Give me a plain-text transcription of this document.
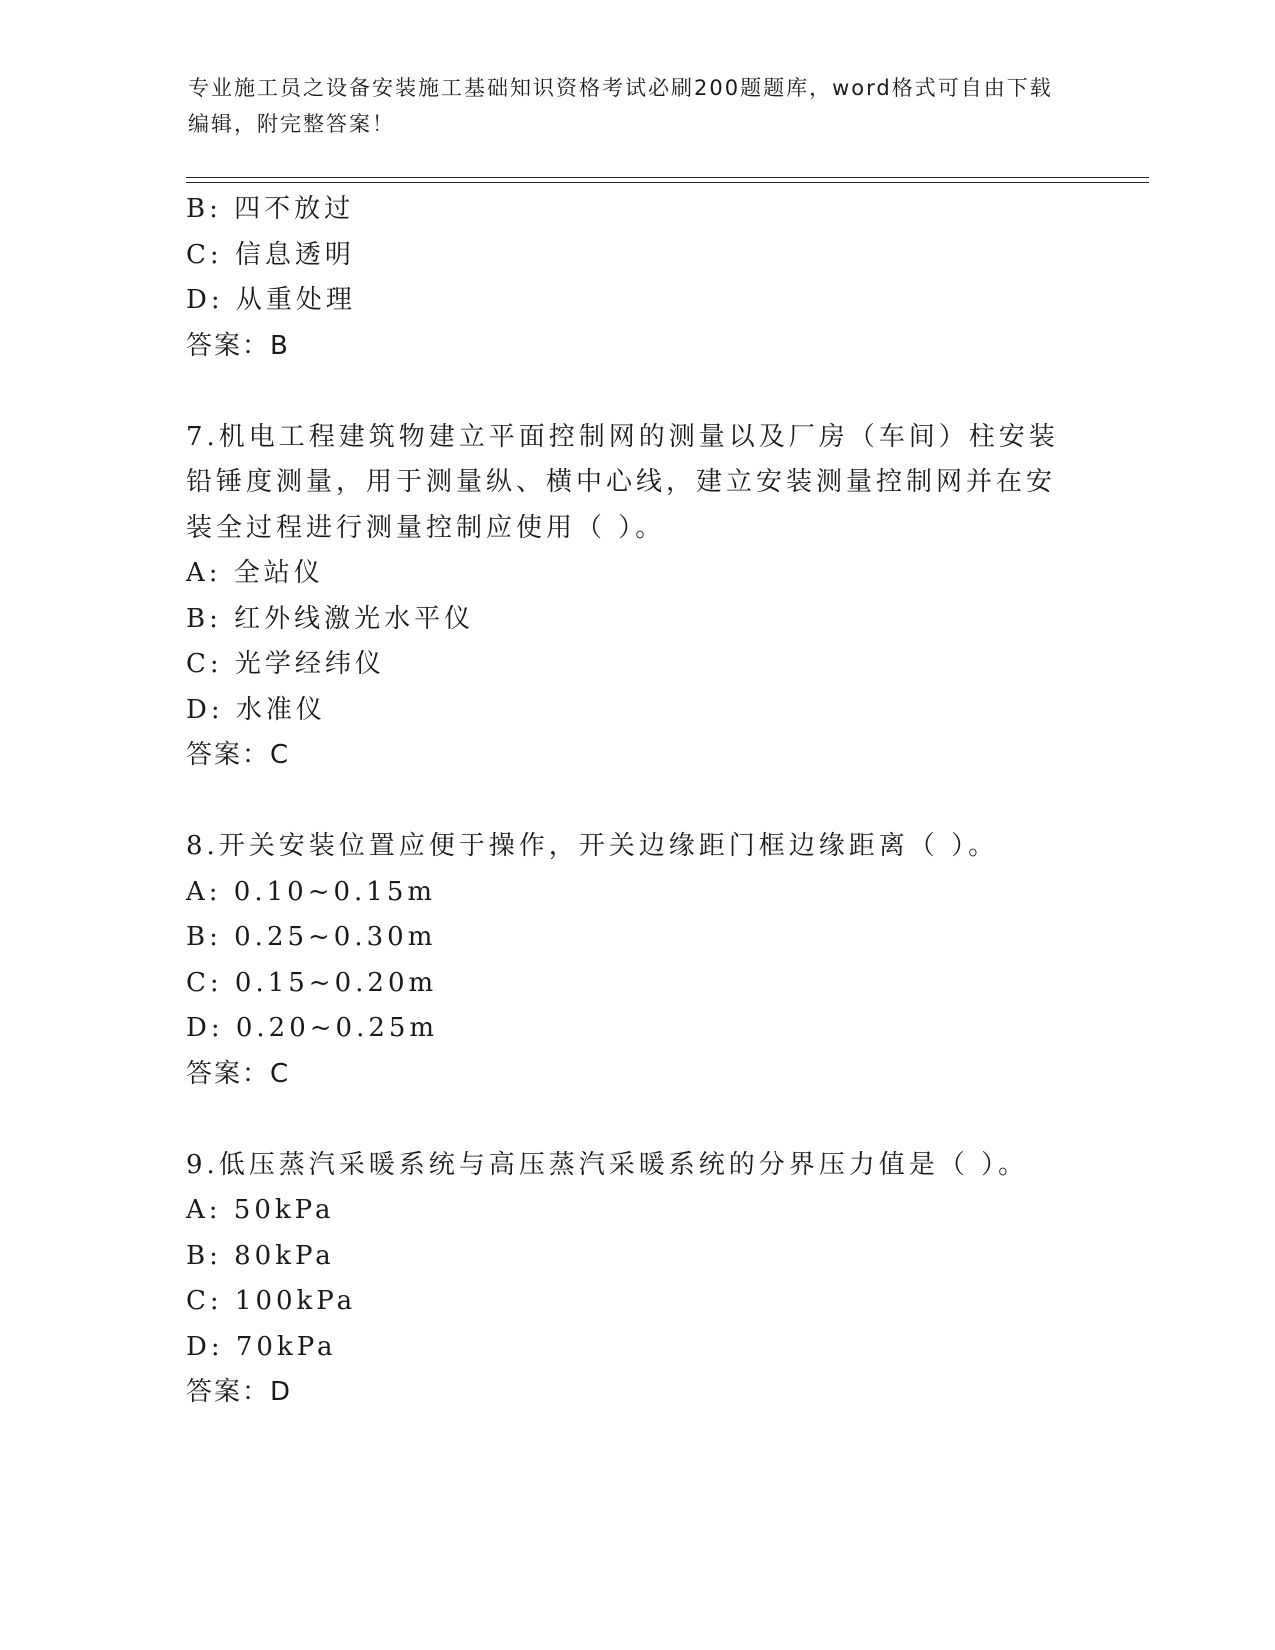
专业施工员之设备安装施工基础知识资格考试必刷200题题库，word格式可自由下载编辑，附完整答案！
B: 四不放过
C: 信息透明
D: 从重处理
答案：B
7.机电工程建筑物建立平面控制网的测量以及厂房（车间）柱安装铅锤度测量，用于测量纵、横中心线，建立安装测量控制网并在安装全过程进行测量控制应使用（ ）。
A: 全站仪
B: 红外线激光水平仪
C: 光学经纬仪
D: 水准仪
答案：C
8.开关安装位置应便于操作，开关边缘距门框边缘距离（ ）。
A: 0.10~0.15m
B: 0.25~0.30m
C: 0.15~0.20m
D: 0.20~0.25m
答案：C
9.低压蒸汽采暖系统与高压蒸汽采暖系统的分界压力值是（ ）。
A: 50kPa
B: 80kPa
C: 100kPa
D: 70kPa
答案：D
